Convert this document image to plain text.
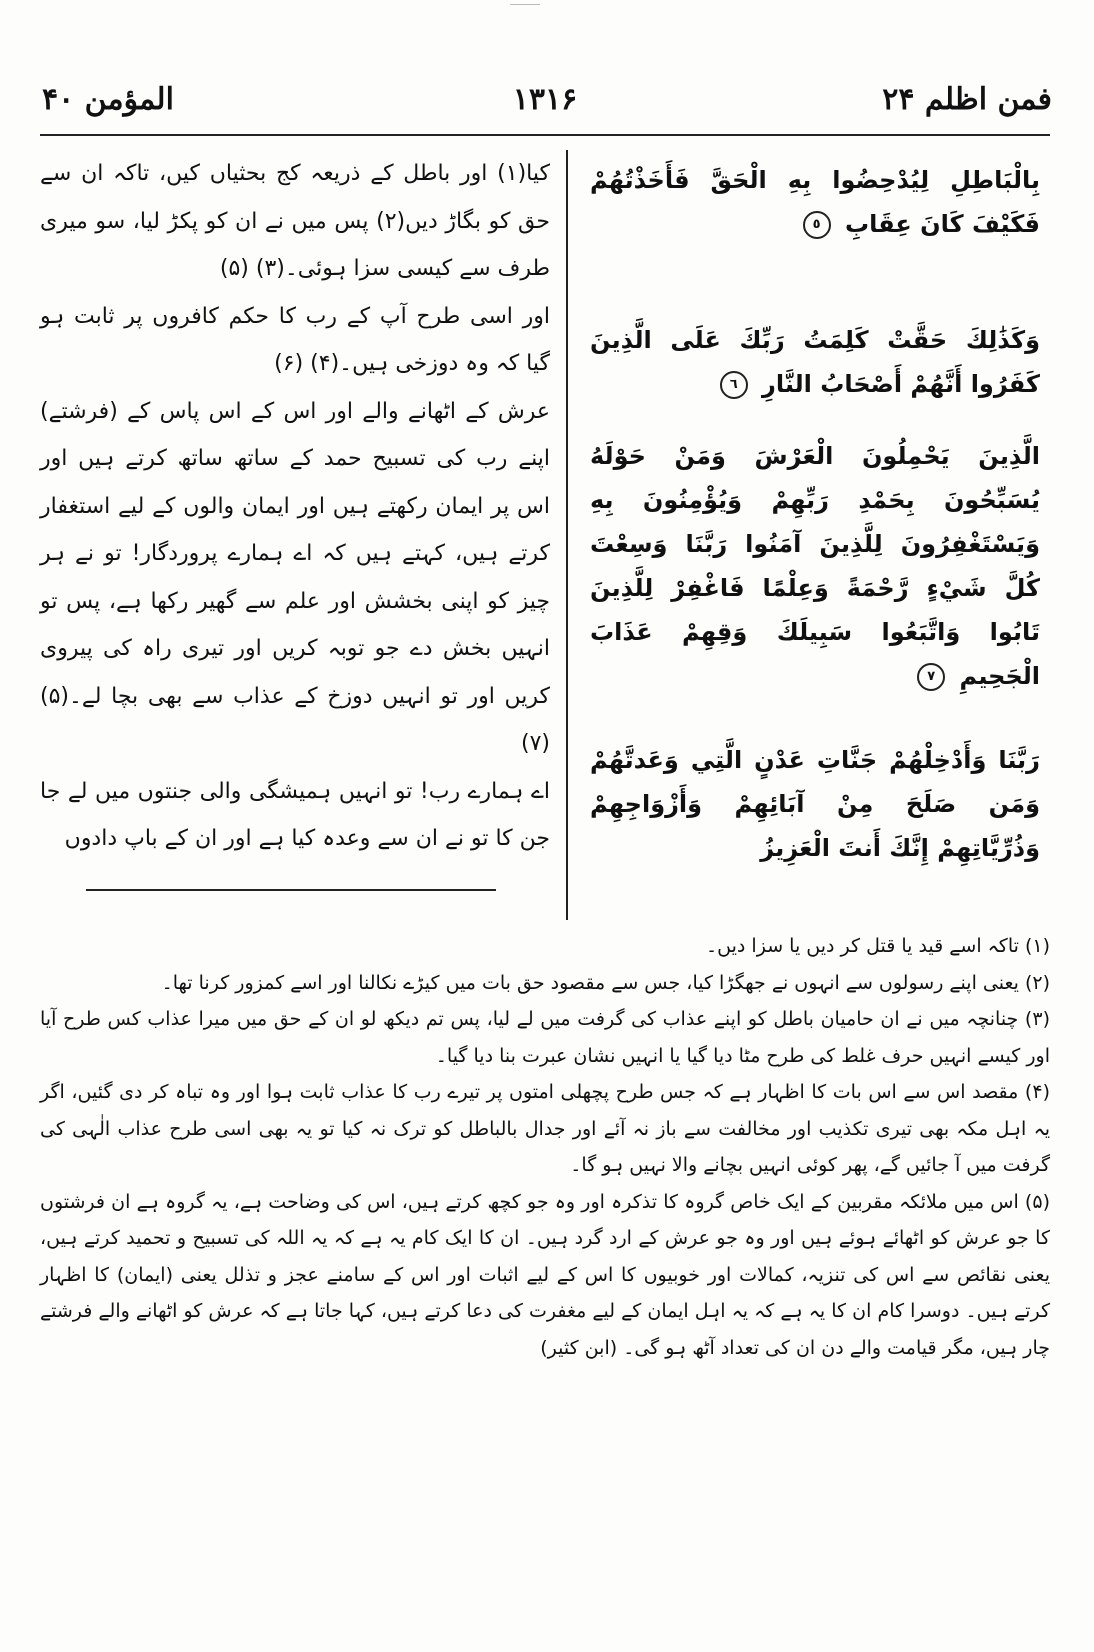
المؤمن ۴۰	۱۳۱۶	فمن اظلم ۲۴
بِالْبَاطِلِ لِيُدْحِضُوا بِهِ الْحَقَّ فَأَخَذْتُهُمْ فَكَيْفَ كَانَ عِقَابِ ٥
وَكَذَٰلِكَ حَقَّتْ كَلِمَتُ رَبِّكَ عَلَى الَّذِينَ كَفَرُوا أَنَّهُمْ أَصْحَابُ النَّارِ ٦
الَّذِينَ يَحْمِلُونَ الْعَرْشَ وَمَنْ حَوْلَهُ يُسَبِّحُونَ بِحَمْدِ رَبِّهِمْ وَيُؤْمِنُونَ بِهِ وَيَسْتَغْفِرُونَ لِلَّذِينَ آمَنُوا رَبَّنَا وَسِعْتَ كُلَّ شَيْءٍ رَّحْمَةً وَعِلْمًا فَاغْفِرْ لِلَّذِينَ تَابُوا وَاتَّبَعُوا سَبِيلَكَ وَقِهِمْ عَذَابَ الْجَحِيمِ ٧
رَبَّنَا وَأَدْخِلْهُمْ جَنَّاتِ عَدْنٍ الَّتِي وَعَدتَّهُمْ وَمَن صَلَحَ مِنْ آبَائِهِمْ وَأَزْوَاجِهِمْ وَذُرِّيَّاتِهِمْ إِنَّكَ أَنتَ الْعَزِيزُ

کیا(۱) اور باطل کے ذریعہ کج بحثیاں کیں، تاکہ ان سے حق کو بگاڑ دیں(۲) پس میں نے ان کو پکڑ لیا، سو میری طرف سے کیسی سزا ہوئی۔(۳) (۵)

اور اسی طرح آپ کے رب کا حکم کافروں پر ثابت ہو گیا کہ وہ دوزخی ہیں۔(۴) (۶)

عرش کے اٹھانے والے اور اس کے اس پاس کے (فرشتے) اپنے رب کی تسبیح حمد کے ساتھ ساتھ کرتے ہیں اور اس پر ایمان رکھتے ہیں اور ایمان والوں کے لیے استغفار کرتے ہیں، کہتے ہیں کہ اے ہمارے پروردگار! تو نے ہر چیز کو اپنی بخشش اور علم سے گھیر رکھا ہے، پس تو انہیں بخش دے جو توبہ کریں اور تیری راہ کی پیروی کریں اور تو انہیں دوزخ کے عذاب سے بھی بچا لے۔(۵) (۷)

اے ہمارے رب! تو انہیں ہمیشگی والی جنتوں میں لے جا جن کا تو نے ان سے وعدہ کیا ہے اور ان کے باپ دادوں

(۱) تاکہ اسے قید یا قتل کر دیں یا سزا دیں۔

(۲) یعنی اپنے رسولوں سے انہوں نے جھگڑا کیا، جس سے مقصود حق بات میں کیڑے نکالنا اور اسے کمزور کرنا تھا۔

(۳) چنانچہ میں نے ان حامیان باطل کو اپنے عذاب کی گرفت میں لے لیا، پس تم دیکھ لو ان کے حق میں میرا عذاب کس طرح آیا اور کیسے انہیں حرف غلط کی طرح مٹا دیا گیا یا انہیں نشان عبرت بنا دیا گیا۔

(۴) مقصد اس سے اس بات کا اظہار ہے کہ جس طرح پچھلی امتوں پر تیرے رب کا عذاب ثابت ہوا اور وہ تباہ کر دی گئیں، اگر یہ اہل مکہ بھی تیری تکذیب اور مخالفت سے باز نہ آئے اور جدال بالباطل کو ترک نہ کیا تو یہ بھی اسی طرح عذاب الٰہی کی گرفت میں آ جائیں گے، پھر کوئی انہیں بچانے والا نہیں ہو گا۔

(۵) اس میں ملائکہ مقربین کے ایک خاص گروہ کا تذکرہ اور وہ جو کچھ کرتے ہیں، اس کی وضاحت ہے، یہ گروہ ہے ان فرشتوں کا جو عرش کو اٹھائے ہوئے ہیں اور وہ جو عرش کے ارد گرد ہیں۔ ان کا ایک کام یہ ہے کہ یہ اللہ کی تسبیح و تحمید کرتے ہیں، یعنی نقائص سے اس کی تنزیہ، کمالات اور خوبیوں کا اس کے لیے اثبات اور اس کے سامنے عجز و تذلل یعنی (ایمان) کا اظہار کرتے ہیں۔ دوسرا کام ان کا یہ ہے کہ یہ اہل ایمان کے لیے مغفرت کی دعا کرتے ہیں، کہا جاتا ہے کہ عرش کو اٹھانے والے فرشتے چار ہیں، مگر قیامت والے دن ان کی تعداد آٹھ ہو گی۔ (ابن کثیر)
